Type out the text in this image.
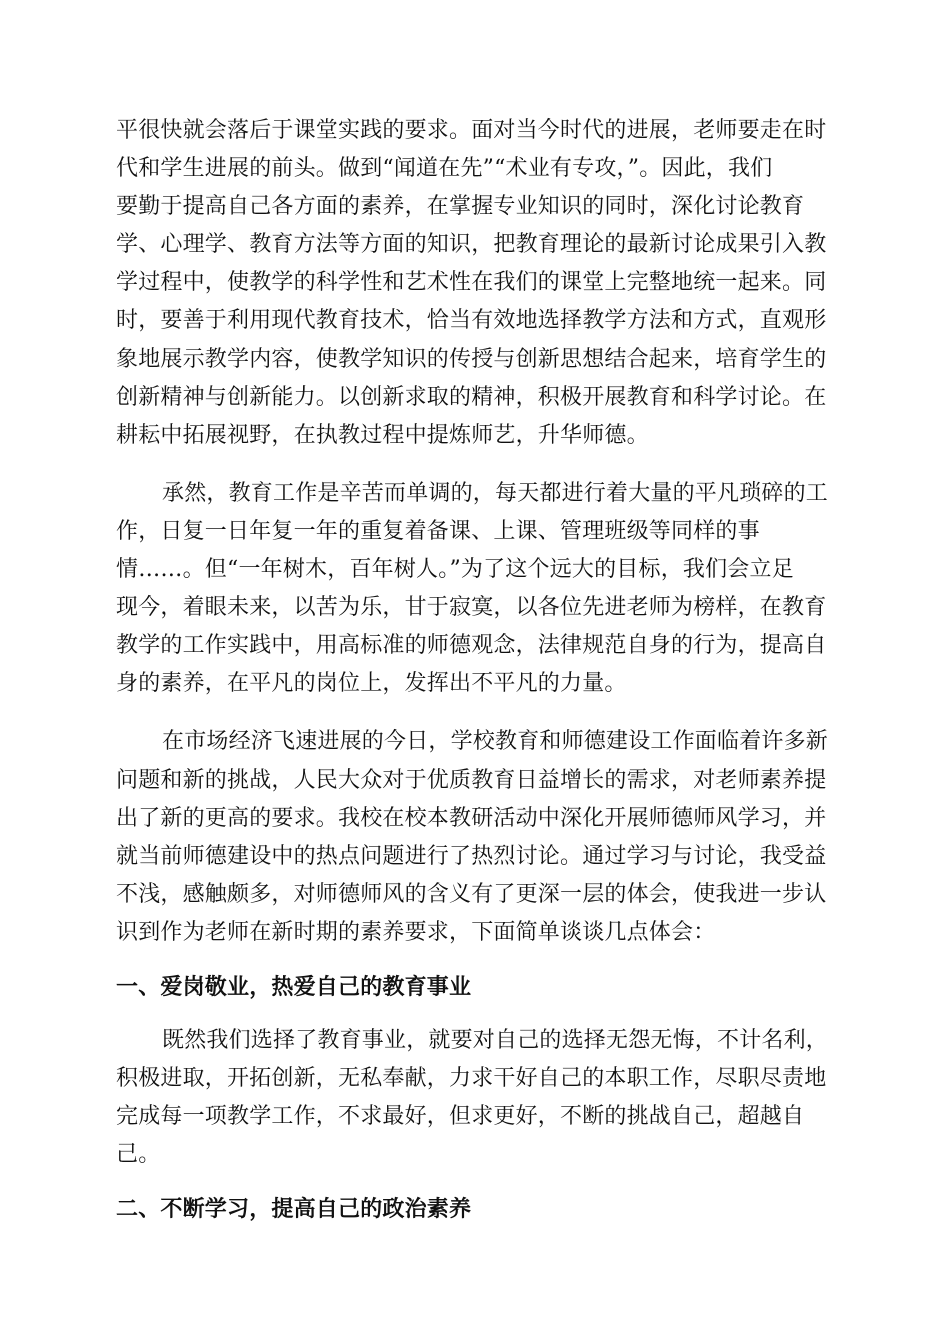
平很快就会落后于课堂实践的要求。面对当今时代的进展，老师要走在时
代和学生进展的前头。做到“闻道在先”“术业有专攻，”。因此，我们
要勤于提高自己各方面的素养，在掌握专业知识的同时，深化讨论教育
学、心理学、教育方法等方面的知识，把教育理论的最新讨论成果引入教
学过程中，使教学的科学性和艺术性在我们的课堂上完整地统一起来。同
时，要善于利用现代教育技术，恰当有效地选择教学方法和方式，直观形
象地展示教学内容，使教学知识的传授与创新思想结合起来，培育学生的
创新精神与创新能力。以创新求取的精神，积极开展教育和科学讨论。在
耕耘中拓展视野，在执教过程中提炼师艺，升华师德。
承然，教育工作是辛苦而单调的，每天都进行着大量的平凡琐碎的工
作，日复一日年复一年的重复着备课、上课、管理班级等同样的事
情……。但“一年树木，百年树人。”为了这个远大的目标，我们会立足
现今，着眼未来，以苦为乐，甘于寂寞，以各位先进老师为榜样，在教育
教学的工作实践中，用高标准的师德观念，法律规范自身的行为，提高自
身的素养，在平凡的岗位上，发挥出不平凡的力量。
在市场经济飞速进展的今日，学校教育和师德建设工作面临着许多新
问题和新的挑战，人民大众对于优质教育日益增长的需求，对老师素养提
出了新的更高的要求。我校在校本教研活动中深化开展师德师风学习，并
就当前师德建设中的热点问题进行了热烈讨论。通过学习与讨论，我受益
不浅，感触颇多，对师德师风的含义有了更深一层的体会，使我进一步认
识到作为老师在新时期的素养要求，下面简单谈谈几点体会：
一、爱岗敬业，热爱自己的教育事业
既然我们选择了教育事业，就要对自己的选择无怨无悔，不计名利，
积极进取，开拓创新，无私奉献，力求干好自己的本职工作，尽职尽责地
完成每一项教学工作，不求最好，但求更好，不断的挑战自己，超越自
己。
二、不断学习，提高自己的政治素养
